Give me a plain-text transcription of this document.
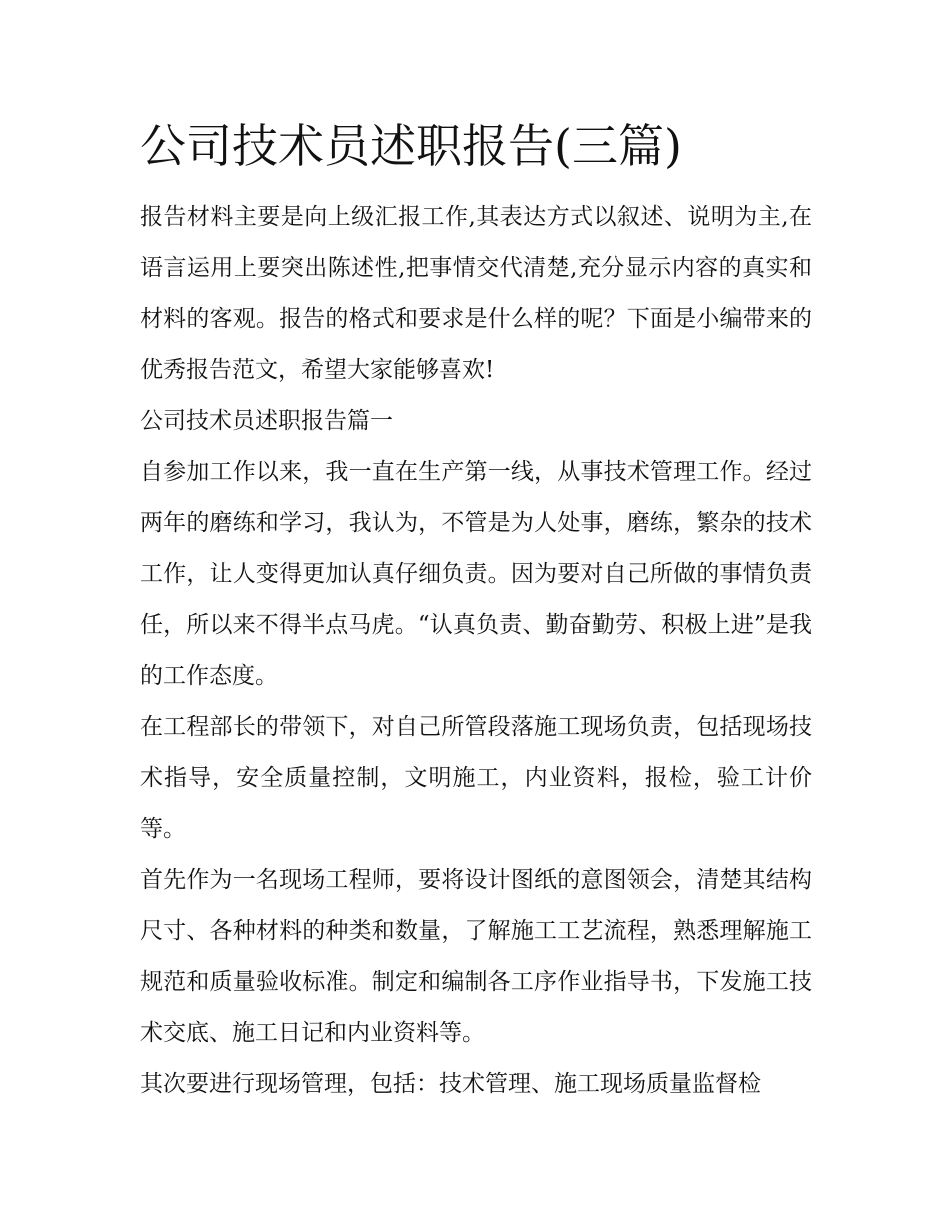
公司技术员述职报告(三篇)

报告材料主要是向上级汇报工作,其表达方式以叙述、说明为主,在语言运用上要突出陈述性,把事情交代清楚,充分显示内容的真实和材料的客观。报告的格式和要求是什么样的呢？下面是小编带来的优秀报告范文，希望大家能够喜欢!

公司技术员述职报告篇一

自参加工作以来，我一直在生产第一线，从事技术管理工作。经过两年的磨练和学习，我认为，不管是为人处事，磨练，繁杂的技术工作，让人变得更加认真仔细负责。因为要对自己所做的事情负责任，所以来不得半点马虎。“认真负责、勤奋勤劳、积极上进”是我的工作态度。

在工程部长的带领下，对自己所管段落施工现场负责，包括现场技术指导，安全质量控制，文明施工，内业资料，报检，验工计价等。

首先作为一名现场工程师，要将设计图纸的意图领会，清楚其结构尺寸、各种材料的种类和数量，了解施工工艺流程，熟悉理解施工规范和质量验收标准。制定和编制各工序作业指导书，下发施工技术交底、施工日记和内业资料等。

其次要进行现场管理，包括：技术管理、施工现场质量监督检
